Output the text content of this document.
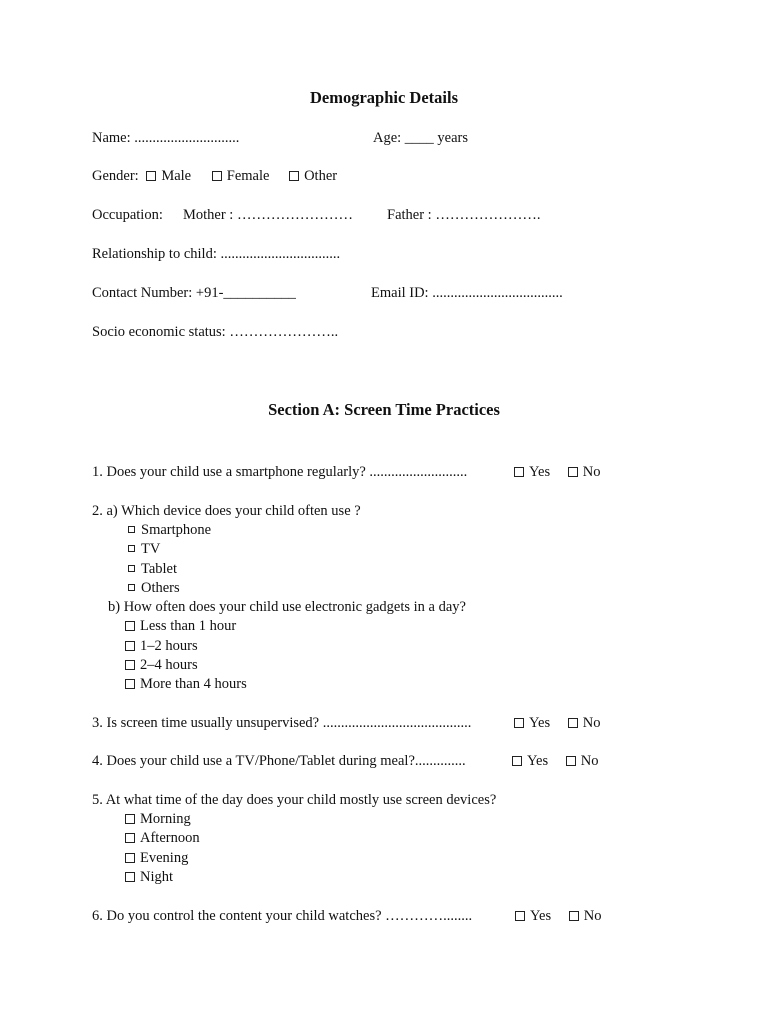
Demographic Details
Name: .............................	Age: ____ years
Gender: Male Female Other
Occupation: Mother : …………………… Father : ………………….
Relationship to child: .................................
Contact Number: +91-__________	Email ID: ....................................
Socio economic status: …………………..
Section A: Screen Time Practices
1. Does your child use a smartphone regularly? ...........................	Yes No
2. a) Which device does your child often use ?
Smartphone
TV
Tablet
Others
b) How often does your child use electronic gadgets in a day?
Less than 1 hour
1–2 hours
2–4 hours
More than 4 hours
3. Is screen time usually unsupervised? .........................................	Yes No
4. Does your child use a TV/Phone/Tablet during meal?..............	Yes No
5. At what time of the day does your child mostly use screen devices?
Morning
Afternoon
Evening
Night
6. Do you control the content your child watches? …………........	Yes No
